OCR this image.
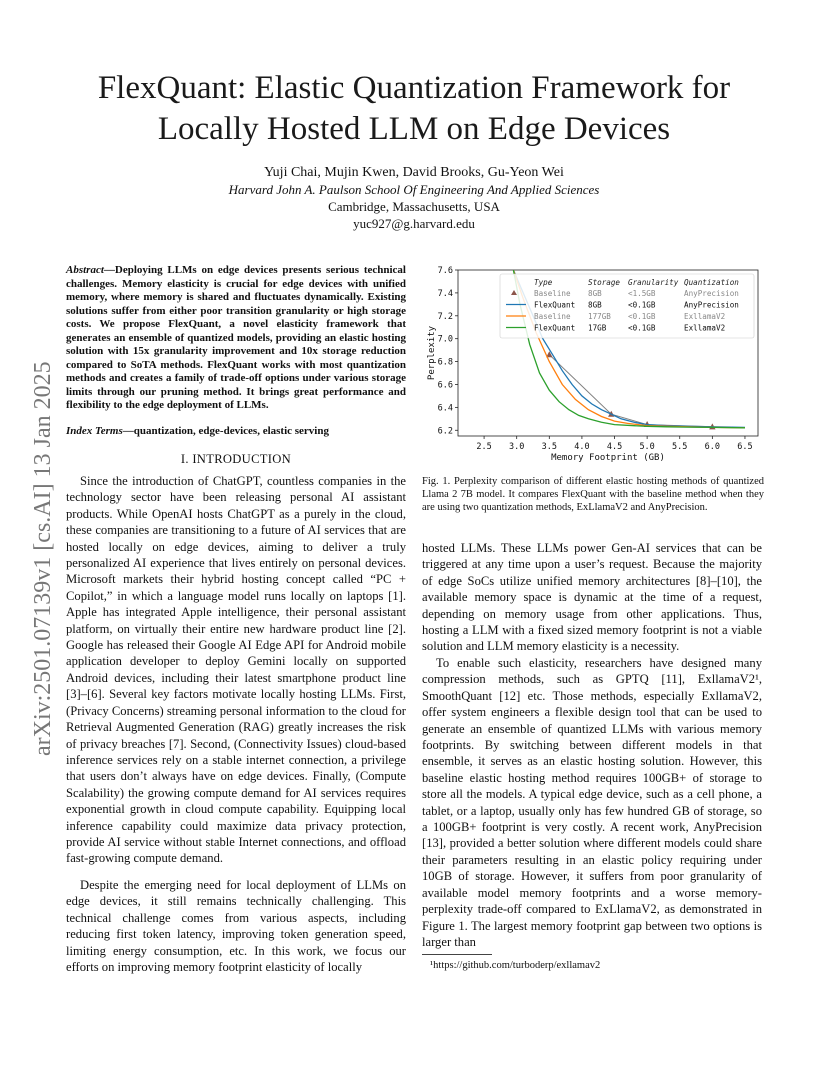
arXiv:2501.07139v1 [cs.AI] 13 Jan 2025
FlexQuant: Elastic Quantization Framework for
Locally Hosted LLM on Edge Devices
Yuji Chai, Mujin Kwen, David Brooks, Gu-Yeon Wei
Harvard John A. Paulson School Of Engineering And Applied Sciences
Cambridge, Massachusetts, USA
yuc927@g.harvard.edu
Abstract—Deploying LLMs on edge devices presents serious technical challenges. Memory elasticity is crucial for edge devices with unified memory, where memory is shared and fluctuates dynamically. Existing solutions suffer from either poor transition granularity or high storage costs. We propose FlexQuant, a novel elasticity framework that generates an ensemble of quantized models, providing an elastic hosting solution with 15x granularity improvement and 10x storage reduction compared to SoTA methods. FlexQuant works with most quantization methods and creates a family of trade-off options under various storage limits through our pruning method. It brings great performance and flexibility to the edge deployment of LLMs.
Index Terms—quantization, edge-devices, elastic serving
I. INTRODUCTION
Since the introduction of ChatGPT, countless companies in the technology sector have been releasing personal AI assistant products. While OpenAI hosts ChatGPT as a purely in the cloud, these companies are transitioning to a future of AI services that are hosted locally on edge devices, aiming to deliver a truly personalized AI experience that lives entirely on personal devices. Microsoft markets their hybrid hosting concept called “PC + Copilot,” in which a language model runs locally on laptops [1]. Apple has integrated Apple intelligence, their personal assistant platform, on virtually their entire new hardware product line [2]. Google has released their Google AI Edge API for Android mobile application developer to deploy Gemini locally on supported Android devices, including their latest smartphone product line [3]–[6]. Several key factors motivate locally hosting LLMs. First, (Privacy Concerns) streaming personal information to the cloud for Retrieval Augmented Generation (RAG) greatly increases the risk of privacy breaches [7]. Second, (Connectivity Issues) cloud-based inference services rely on a stable internet connection, a privilege that users don’t always have on edge devices. Finally, (Compute Scalability) the growing compute demand for AI services requires exponential growth in cloud compute capability. Equipping local inference capability could maximize data privacy protection, provide AI service without stable Internet connections, and offload fast-growing compute demand.
Despite the emerging need for local deployment of LLMs on edge devices, it still remains technically challenging. This technical challenge comes from various aspects, including reducing first token latency, improving token generation speed, limiting energy consumption, etc. In this work, we focus our efforts on improving memory footprint elasticity of locally
2.5 3.0 3.5 4.0 4.5 5.0 5.5 6.0 6.5
6.2
6.4
6.6
6.8
7.0
7.2
7.4
7.6
Memory Footprint (GB)
Perplexity
Type	Storage Granularity Quantization
Baseline 8GB	<1.5GB	AnyPrecision
FlexQuant 8GB	<0.1GB	AnyPrecision
Baseline 177GB <0.1GB	ExllamaV2
FlexQuant 17GB	<0.1GB	ExllamaV2
Fig. 1. Perplexity comparison of different elastic hosting methods of quantized Llama 2 7B model. It compares FlexQuant with the baseline method when they are using two quantization methods, ExLlamaV2 and AnyPrecision.
hosted LLMs. These LLMs power Gen-AI services that can be triggered at any time upon a user’s request. Because the majority of edge SoCs utilize unified memory architectures [8]–[10], the available memory space is dynamic at the time of a request, depending on memory usage from other applications. Thus, hosting a LLM with a fixed sized memory footprint is not a viable solution and LLM memory elasticity is a necessity.
To enable such elasticity, researchers have designed many compression methods, such as GPTQ [11], ExllamaV2¹, SmoothQuant [12] etc. Those methods, especially ExllamaV2, offer system engineers a flexible design tool that can be used to generate an ensemble of quantized LLMs with various memory footprints. By switching between different models in that ensemble, it serves as an elastic hosting solution. However, this baseline elastic hosting method requires 100GB+ of storage to store all the models. A typical edge device, such as a cell phone, a tablet, or a laptop, usually only has few hundred GB of storage, so a 100GB+ footprint is very costly. A recent work, AnyPrecision [13], provided a better solution where different models could share their parameters resulting in an elastic policy requiring under 10GB of storage. However, it suffers from poor granularity of available model memory footprints and a worse memory-perplexity trade-off compared to ExLlamaV2, as demonstrated in Figure 1. The largest memory footprint gap between two options is larger than
¹https://github.com/turboderp/exllamav2
